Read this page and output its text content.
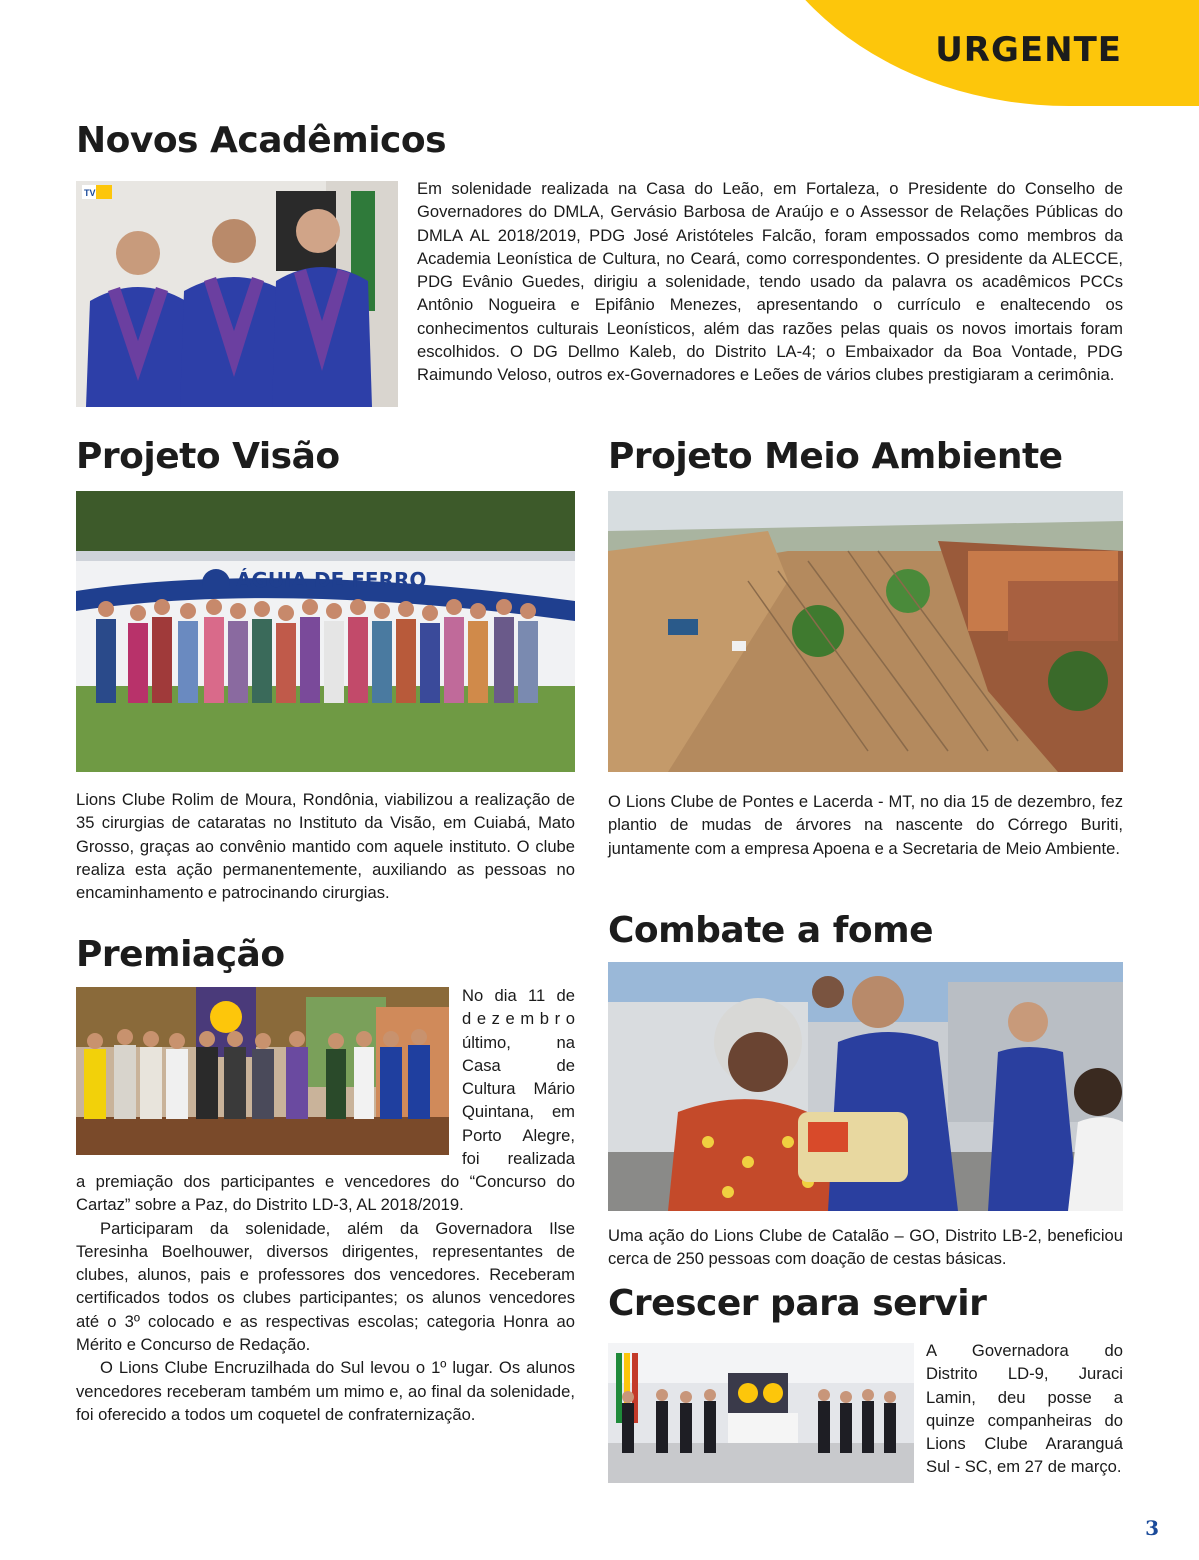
URGENTE
Novos Acadêmicos
TV	Em solenidade realizada na Casa do Leão, em Fortaleza, o Presidente do Conselho de Governadores do DMLA, Gervásio Barbosa de Araújo e o Assessor de Relações Públicas do DMLA AL 2018/2019, PDG José Aristóteles Falcão, foram empossados como membros da Academia Leonística de Cultura, no Ceará, como correspondentes. O presidente da ALECCE, PDG Evânio Guedes, dirigiu a solenidade, tendo usado da palavra os acadêmicos PCCs Antônio Nogueira e Epifânio Menezes, apresentando o currículo e enaltecendo os conhecimentos culturais Leonísticos, além das razões pelas quais os novos imortais foram escolhidos. O DG Dellmo Kaleb, do Distrito LA-4; o Embaixador da Boa Vontade, PDG Raimundo Veloso, outros ex-Governadores e Leões de vários clubes prestigiaram a cerimônia.
Projeto Visão
ÁGUIA DE FERRO
Lions Clube Rolim de Moura, Rondônia, viabilizou a realização de 35 cirurgias de cataratas no Instituto da Visão, em Cuiabá, Mato Grosso, graças ao convênio mantido com aquele instituto. O clube realiza esta ação permanentemente, auxiliando as pessoas no encaminhamento e patrocinando cirurgias.
Projeto Meio Ambiente
O Lions Clube de Pontes e Lacerda - MT, no dia 15 de dezembro, fez plantio de mudas de árvores na nascente do Córrego Buriti, juntamente com a empresa Apoena e a Secretaria de Meio Ambiente.
Premiação
No dia 11 de
d e z e m b r o
último, na
Casa de
Cultura Mário
Quintana, em
Porto Alegre,
foi realizada

a premiação dos participantes e vencedores do “Concurso do Cartaz” sobre a Paz, do Distrito LD-3, AL 2018/2019.

Participaram da solenidade, além da Governadora Ilse Teresinha Boelhouwer, diversos dirigentes, representantes de clubes, alunos, pais e professores dos vencedores. Receberam certificados todos os clubes participantes; os alunos vencedores até o 3º colocado e as respectivas escolas; categoria Honra ao Mérito e Concurso de Redação.

O Lions Clube Encruzilhada do Sul levou o 1º lugar. Os alunos vencedores receberam também um mimo e, ao final da solenidade, foi oferecido a todos um coquetel de confraternização.

Combate a fome
Uma ação do Lions Clube de Catalão – GO, Distrito LB-2, beneficiou cerca de 250 pessoas com doação de cestas básicas.
Crescer para servir
A Governadora do
Distrito LD-9, Juraci
Lamin, deu posse a
quinze companheiras do
Lions Clube Araranguá
Sul - SC, em 27 de março.
3
